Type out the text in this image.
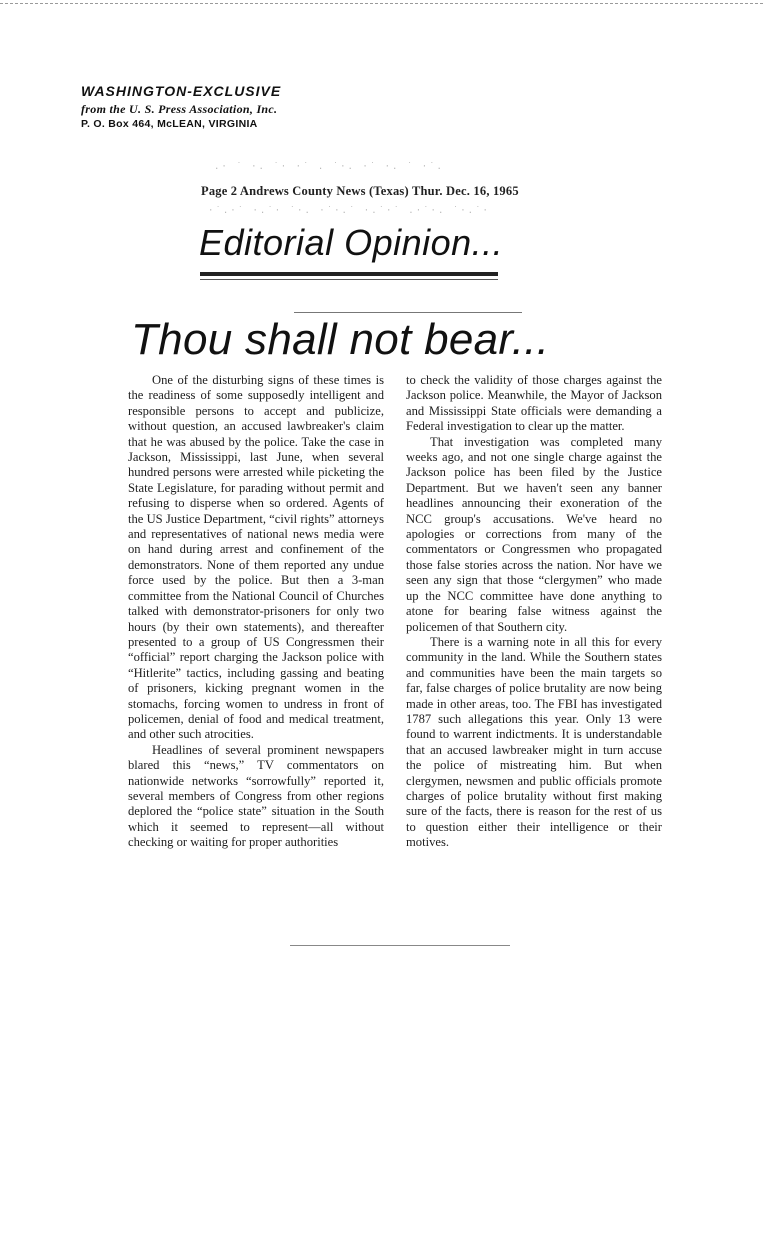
WASHINGTON-EXCLUSIVE
from the U. S. Press Association, Inc.
P. O. Box 464, McLEAN, VIRGINIA
.· ˙ ·. ˙· ·˙ . ˙·. ·˙ ·. ˙ ·˙.
·˙.·˙ ·.˙· ˙·. ·˙·.˙ ·.˙·˙ .·˙·. ˙·.˙·
Page 2 Andrews County News (Texas) Thur. Dec. 16, 1965
Editorial Opinion...
Thou shall not bear...

One of the disturbing signs of these times is the readiness of some supposedly intelligent and responsible persons to accept and publicize, without question, an accused lawbreaker's claim that he was abused by the police. Take the case in Jackson, Mississippi, last June, when several hundred persons were arrested while picketing the State Legislature, for parading without permit and refusing to disperse when so ordered. Agents of the US Justice Department, “civil rights” attorneys and representatives of national news media were on hand during arrest and confinement of the demonstrators. None of them reported any undue force used by the police. But then a 3-man committee from the National Council of Churches talked with demonstrator-prisoners for only two hours (by their own statements), and thereafter presented to a group of US Congressmen their “official” report charging the Jackson police with “Hitlerite” tactics, including gassing and beating of prisoners, kicking pregnant women in the stomachs, forcing women to undress in front of policemen, denial of food and medical treatment, and other such atrocities.

Headlines of several prominent newspapers blared this “news,” TV commentators on nationwide networks “sorrowfully” reported it, several members of Congress from other regions deplored the “police state” situation in the South which it seemed to represent—all without checking or waiting for proper authorities

to check the validity of those charges against the Jackson police. Meanwhile, the Mayor of Jackson and Mississippi State officials were demanding a Federal investigation to clear up the matter.

That investigation was completed many weeks ago, and not one single charge against the Jackson police has been filed by the Justice Department. But we haven't seen any banner headlines announcing their exoneration of the NCC group's accusations. We've heard no apologies or corrections from many of the commentators or Congressmen who propagated those false stories across the nation. Nor have we seen any sign that those “clergymen” who made up the NCC committee have done anything to atone for bearing false witness against the policemen of that Southern city.

There is a warning note in all this for every community in the land. While the Southern states and communities have been the main targets so far, false charges of police brutality are now being made in other areas, too. The FBI has investigated 1787 such allegations this year. Only 13 were found to warrent indictments. It is understandable that an accused lawbreaker might in turn accuse the police of mistreating him. But when clergymen, newsmen and public officials promote charges of police brutality without first making sure of the facts, there is reason for the rest of us to question either their intelligence or their motives.
